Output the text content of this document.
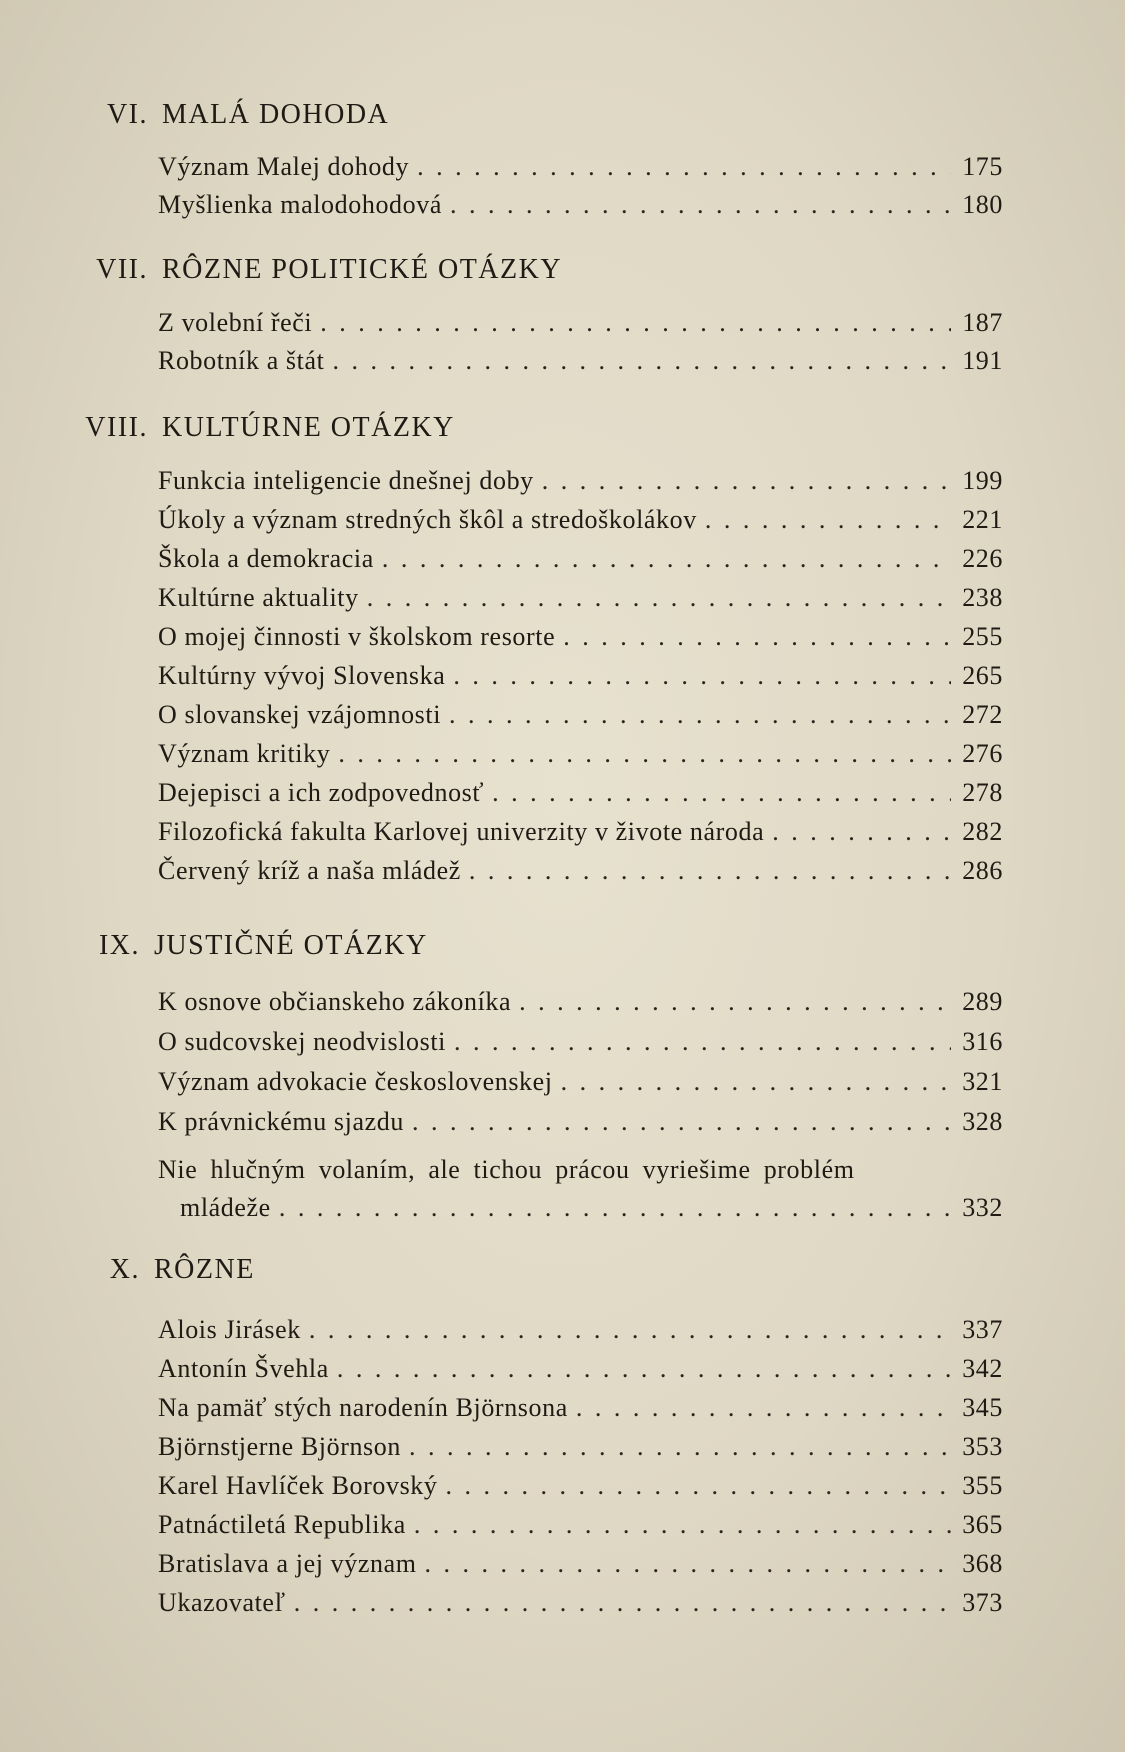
VI. MALÁ DOHODA
Význam Malej dohody . . .	175
Myšlienka malodohodová . . .	180
VII. RÔZNE POLITICKÉ OTÁZKY
Z volební řeči . . .	187
Robotník a štát . . .	191
VIII. KULTÚRNE OTÁZKY
Funkcia inteligencie dnešnej doby . . .	199
Úkoly a význam stredných škôl a stredoškolákov . . .	221
Škola a demokracia . . .	226
Kultúrne aktuality . . .	238
O mojej činnosti v školskom resorte . . .	255
Kultúrny vývoj Slovenska . . .	265
O slovanskej vzájomnosti . . .	272
Význam kritiky . . .	276
Dejepisci a ich zodpovednosť . . .	278
Filozofická fakulta Karlovej univerzity v živote národa . . .	282
Červený kríž a naša mládež . . .	286
IX. JUSTIČNÉ OTÁZKY
K osnove občianskeho zákoníka . . .	289
O sudcovskej neodvislosti . . .	316
Význam advokacie československej . . .	321
K právnickému sjazdu . . .	328
Nie hlučným volaním, ale tichou prácou vyriešime problém
mládeže . . .	332
X. RÔZNE
Alois Jirásek . . .	337
Antonín Švehla . . .	342
Na pamäť stých narodenín Björnsona . . .	345
Björnstjerne Björnson . . .	353
Karel Havlíček Borovský . . .	355
Patnáctiletá Republika . . .	365
Bratislava a jej význam . . .	368
Ukazovateľ . . .	373
